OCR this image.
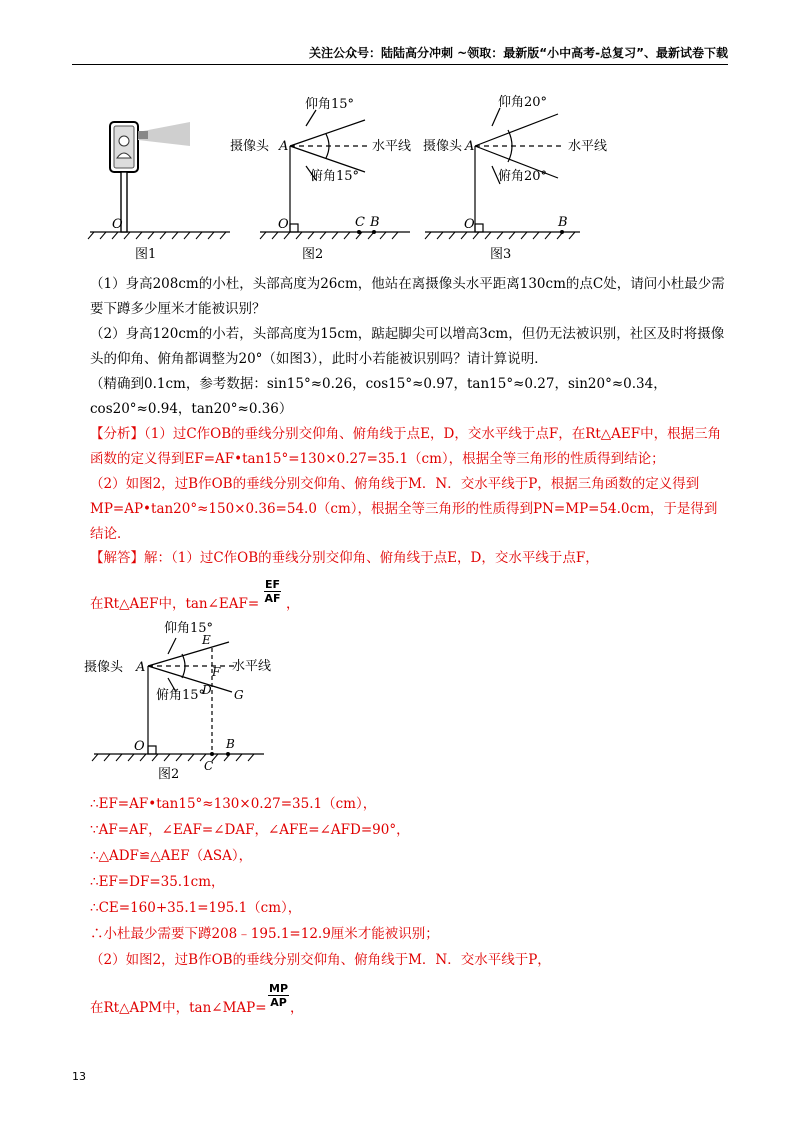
关注公众号：陆陆高分冲刺 ~领取：最新版“小中高考-总复习”、最新试卷下载
O
图1
仰角15°
俯角15°
摄像头 A	水平线
O	C B
图2
仰角20°
俯角20°
摄像头 A	水平线
O	B
图3
（1）身高208cm的小杜，头部高度为26cm，他站在离摄像头水平距离130cm的点C处，请问小杜最少需要下蹲多少厘米才能被识别？
（2）身高120cm的小若，头部高度为15cm，踮起脚尖可以增高3cm，但仍无法被识别，社区及时将摄像头的仰角、俯角都调整为20°（如图3），此时小若能被识别吗？请计算说明．
（精确到0.1cm，参考数据：sin15°≈0.26，cos15°≈0.97，tan15°≈0.27，sin20°≈0.34，cos20°≈0.94，tan20°≈0.36）
【分析】（1）过C作OB的垂线分别交仰角、俯角线于点E，D，交水平线于点F，在Rt△AEF中，根据三角函数的定义得到EF=AF•tan15°=130×0.27=35.1（cm），根据全等三角形的性质得到结论；
（2）如图2，过B作OB的垂线分别交仰角、俯角线于M．N．交水平线于P，根据三角函数的定义得到MP=AP•tan20°≈150×0.36=54.0（cm），根据全等三角形的性质得到PN=MP=54.0cm，于是得到结论．
【解答】解：（1）过C作OB的垂线分别交仰角、俯角线于点E，D，交水平线于点F，
在Rt△AEF中，tan∠EAF= $\frac{EF}{AF}$ ，
仰角15°
E
摄像头 A	水平线
F
俯角15°
D G
O	B
C
图2
∴EF=AF•tan15°≈130×0.27=35.1（cm），
∵AF=AF，∠EAF=∠DAF，∠AFE=∠AFD=90°，
∴△ADF≌△AEF（ASA），
∴EF=DF=35.1cm，
∴CE=160+35.1=195.1（cm），
∴小杜最少需要下蹲208﹣195.1=12.9厘米才能被识别；
（2）如图2，过B作OB的垂线分别交仰角、俯角线于M．N．交水平线于P，
在Rt△APM中，tan∠MAP= $\frac{MP}{AP}$ ，
13
